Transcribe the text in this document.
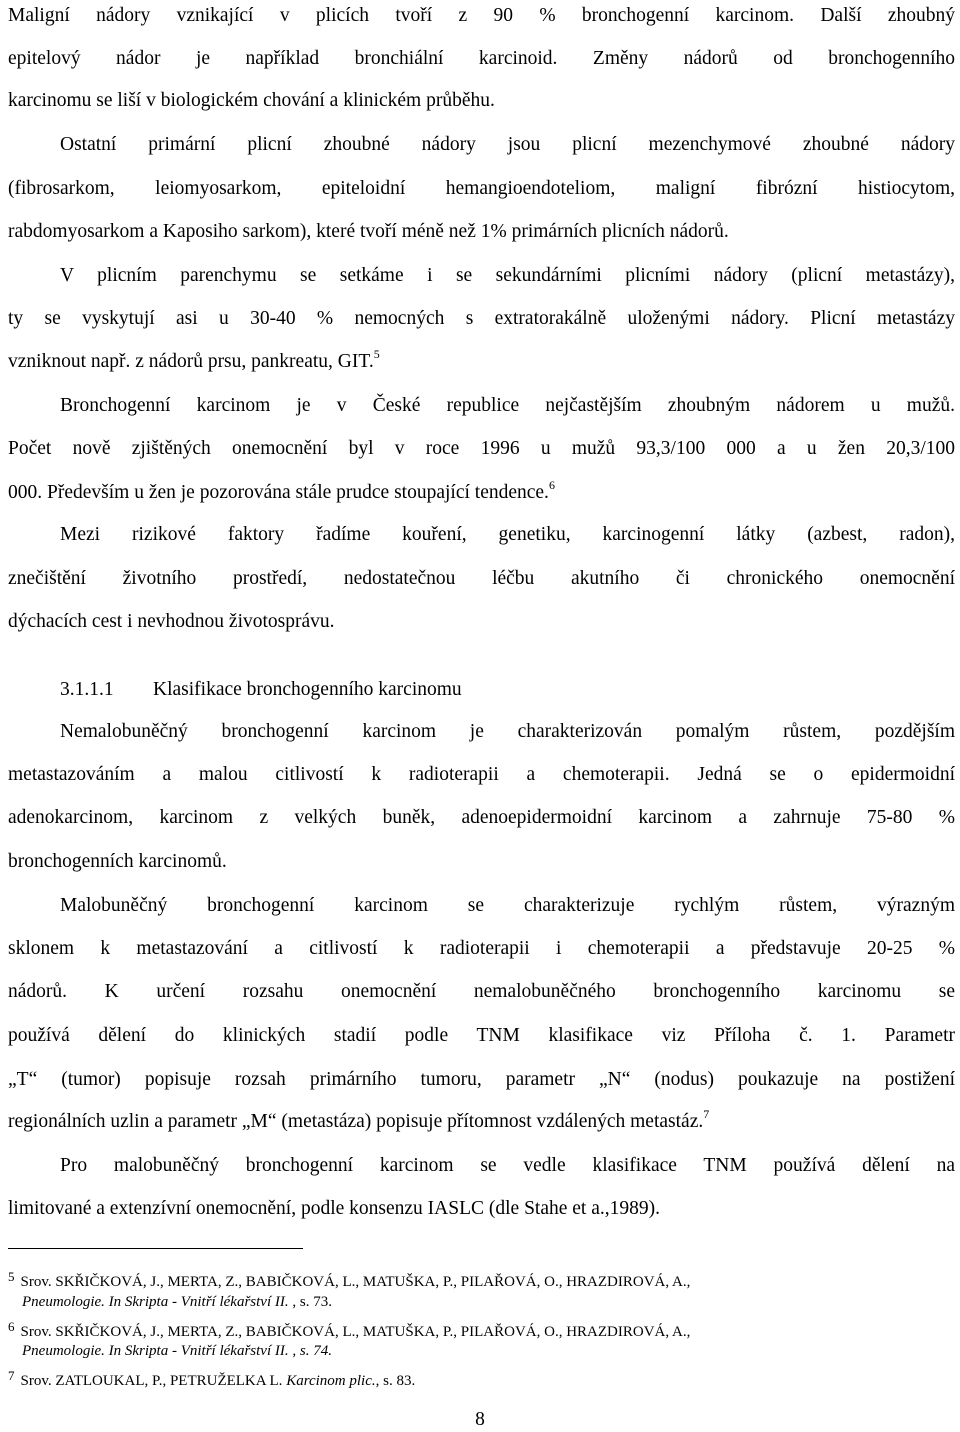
Maligní nádory vznikající v plicích tvoří z 90 % bronchogenní karcinom. Další zhoubný
epitelový nádor je například bronchiální karcinoid. Změny nádorů od bronchogenního
karcinomu se liší v biologickém chování a klinickém průběhu.
Ostatní primární plicní zhoubné nádory jsou plicní mezenchymové zhoubné nádory
(fibrosarkom, leiomyosarkom, epiteloidní hemangioendoteliom, maligní fibrózní histiocytom,
rabdomyosarkom a Kaposiho sarkom), které tvoří méně než 1% primárních plicních nádorů.
V plicním parenchymu se setkáme i se sekundárními plicními nádory (plicní metastázy),
ty se vyskytují asi u 30-40 % nemocných s extratorakálně uloženými nádory. Plicní metastázy
vzniknout např. z nádorů prsu, pankreatu, GIT.$^5$
Bronchogenní karcinom je v České republice nejčastějším zhoubným nádorem u mužů.
Počet nově zjištěných onemocnění byl v roce 1996 u mužů 93,3/100 000 a u žen 20,3/100
000. Především u žen je pozorována stále prudce stoupající tendence.$^6$
Mezi rizikové faktory řadíme kouření, genetiku, karcinogenní látky (azbest, radon),
znečištění životního prostředí, nedostatečnou léčbu akutního či chronického onemocnění
dýchacích cest i nevhodnou životosprávu.
3.1.1.1 Klasifikace bronchogenního karcinomu
Nemalobuněčný bronchogenní karcinom je charakterizován pomalým růstem, pozdějším
metastazováním a malou citlivostí k radioterapii a chemoterapii. Jedná se o epidermoidní
adenokarcinom, karcinom z velkých buněk, adenoepidermoidní karcinom a zahrnuje 75-80 %
bronchogenních karcinomů.
Malobuněčný bronchogenní karcinom se charakterizuje rychlým růstem, výrazným
sklonem k metastazování a citlivostí k radioterapii i chemoterapii a představuje 20-25 %
nádorů. K určení rozsahu onemocnění nemalobuněčného bronchogenního karcinomu se
používá dělení do klinických stadií podle TNM klasifikace viz Příloha č. 1. Parametr
„T“ (tumor) popisuje rozsah primárního tumoru, parametr „N“ (nodus) poukazuje na postižení
regionálních uzlin a parametr „M“ (metastáza) popisuje přítomnost vzdálených metastáz.$^7$
Pro malobuněčný bronchogenní karcinom se vedle klasifikace TNM používá dělení na
limitované a extenzívní onemocnění, podle konsenzu IASLC (dle Stahe et a.,1989).
$^5$ Srov. SKŘIČKOVÁ, J., MERTA, Z., BABIČKOVÁ, L., MATUŠKA, P., PILAŘOVÁ, O., HRAZDIROVÁ, A.,
Pneumologie. In Skripta - Vnitří lékařství II. , s. 73.
$^6$ Srov. SKŘIČKOVÁ, J., MERTA, Z., BABIČKOVÁ, L., MATUŠKA, P., PILAŘOVÁ, O., HRAZDIROVÁ, A.,
Pneumologie. In Skripta - Vnitří lékařství II. , s. 74.
$^7$ Srov. ZATLOUKAL, P., PETRUŽELKA L. Karcinom plic., s. 83.
8
